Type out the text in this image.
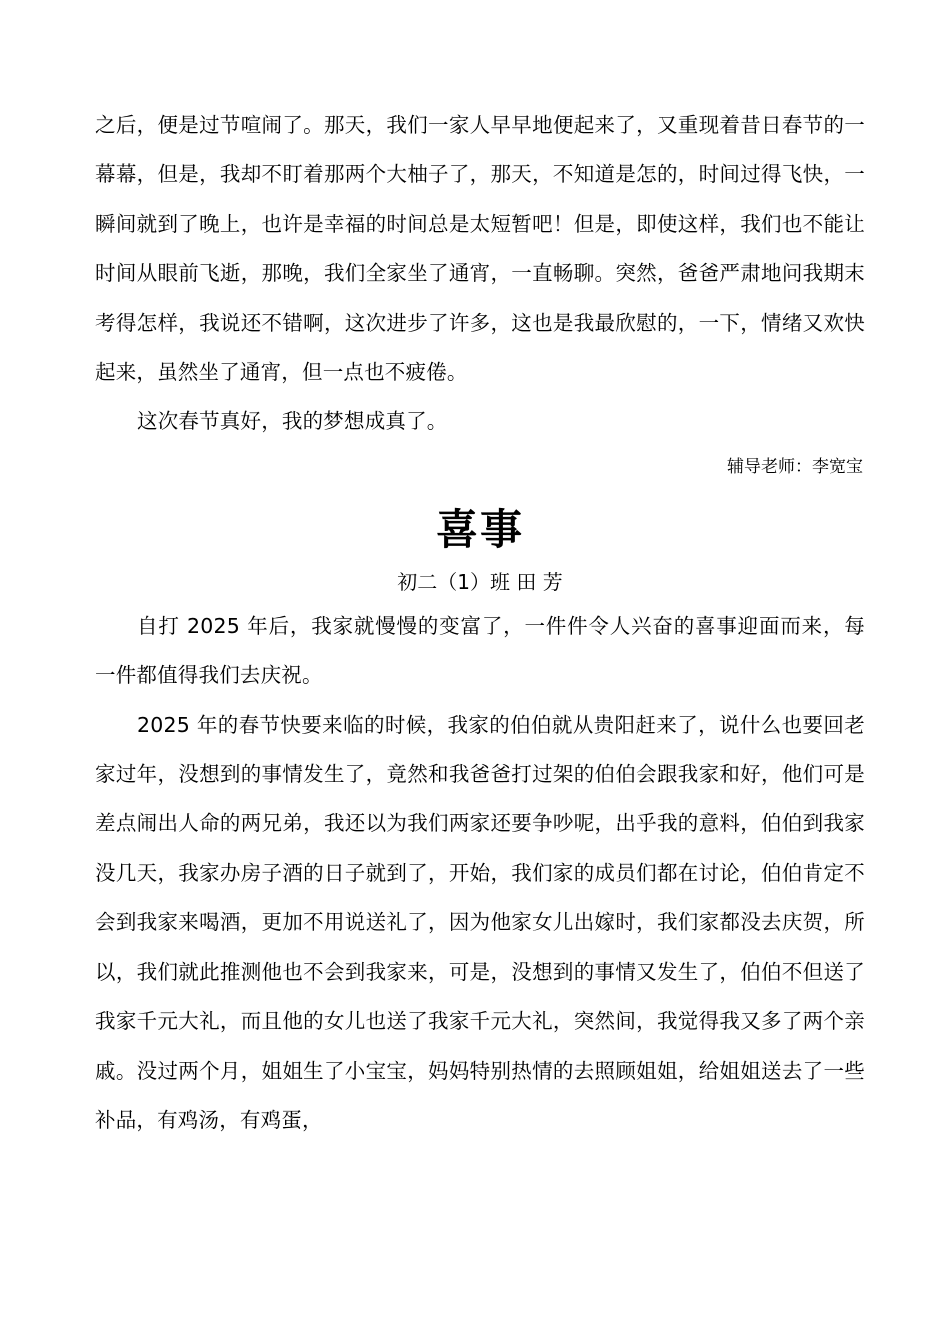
之后，便是过节喧闹了。那天，我们一家人早早地便起来了，又重现着昔日春节的一幕幕，但是，我却不盯着那两个大柚子了，那天，不知道是怎的，时间过得飞快，一瞬间就到了晚上，也许是幸福的时间总是太短暂吧！但是，即使这样，我们也不能让时间从眼前飞逝，那晚，我们全家坐了通宵，一直畅聊。突然，爸爸严肃地问我期末考得怎样，我说还不错啊，这次进步了许多，这也是我最欣慰的，一下，情绪又欢快起来，虽然坐了通宵，但一点也不疲倦。

这次春节真好，我的梦想成真了。

辅导老师：李宽宝
喜事
初二（1）班 田 芳

自打 2025 年后，我家就慢慢的变富了，一件件令人兴奋的喜事迎面而来，每一件都值得我们去庆祝。

2025 年的春节快要来临的时候，我家的伯伯就从贵阳赶来了，说什么也要回老家过年，没想到的事情发生了，竟然和我爸爸打过架的伯伯会跟我家和好，他们可是差点闹出人命的两兄弟，我还以为我们两家还要争吵呢，出乎我的意料，伯伯到我家没几天，我家办房子酒的日子就到了，开始，我们家的成员们都在讨论，伯伯肯定不会到我家来喝酒，更加不用说送礼了，因为他家女儿出嫁时，我们家都没去庆贺，所以，我们就此推测他也不会到我家来，可是，没想到的事情又发生了，伯伯不但送了我家千元大礼，而且他的女儿也送了我家千元大礼，突然间，我觉得我又多了两个亲戚。没过两个月，姐姐生了小宝宝，妈妈特别热情的去照顾姐姐，给姐姐送去了一些补品，有鸡汤，有鸡蛋，
